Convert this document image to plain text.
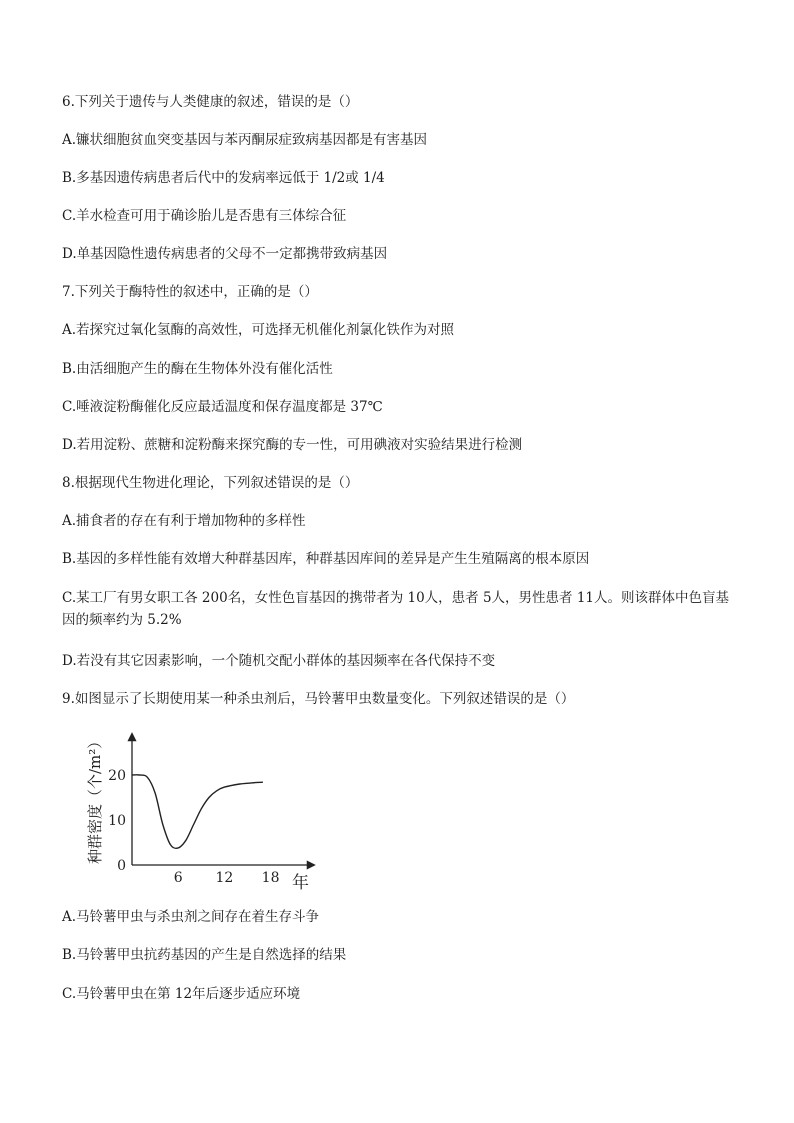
6.下列关于遗传与人类健康的叙述，错误的是（）
A.镰状细胞贫血突变基因与苯丙酮尿症致病基因都是有害基因
B.多基因遗传病患者后代中的发病率远低于 1/2或 1/4
C.羊水检查可用于确诊胎儿是否患有三体综合征
D.单基因隐性遗传病患者的父母不一定都携带致病基因
7.下列关于酶特性的叙述中，正确的是（）
A.若探究过氧化氢酶的高效性，可选择无机催化剂氯化铁作为对照
B.由活细胞产生的酶在生物体外没有催化活性
C.唾液淀粉酶催化反应最适温度和保存温度都是 37℃
D.若用淀粉、蔗糖和淀粉酶来探究酶的专一性，可用碘液对实验结果进行检测
8.根据现代生物进化理论，下列叙述错误的是（）
A.捕食者的存在有利于增加物种的多样性
B.基因的多样性能有效增大种群基因库，种群基因库间的差异是产生生殖隔离的根本原因
C.某工厂有男女职工各 200名，女性色盲基因的携带者为 10人，患者 5人，男性患者 11人。则该群体中色盲基因的频率约为 5.2%
D.若没有其它因素影响，一个随机交配小群体的基因频率在各代保持不变
9.如图显示了长期使用某一种杀虫剂后，马铃薯甲虫数量变化。下列叙述错误的是（）
6 12 18
0
10
20
年
种群密度（个/m²）
A.马铃薯甲虫与杀虫剂之间存在着生存斗争
B.马铃薯甲虫抗药基因的产生是自然选择的结果
C.马铃薯甲虫在第 12年后逐步适应环境
